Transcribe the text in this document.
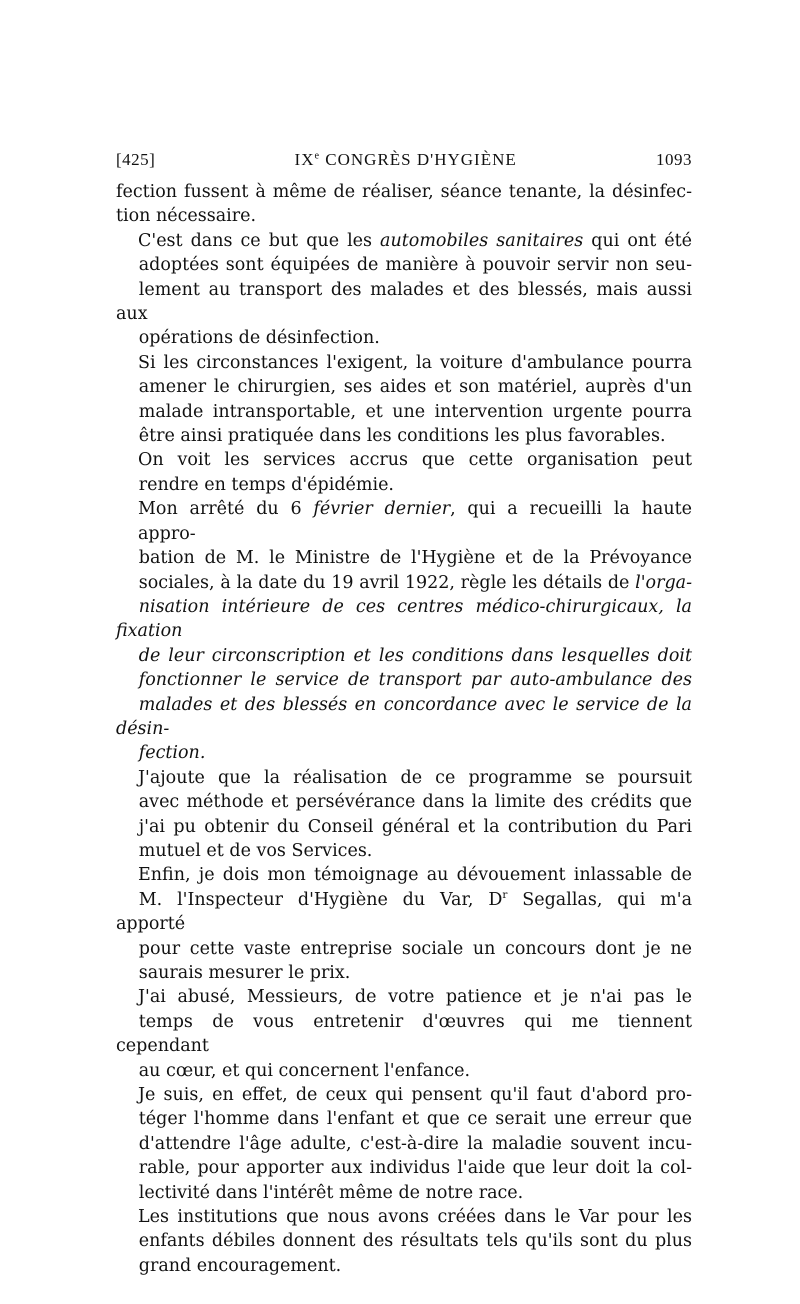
[425]	IXe CONGRÈS D'HYGIÈNE	1093
fection fussent à même de réaliser, séance tenante, la désinfec-
tion nécessaire.
C'est dans ce but que les automobiles sanitaires qui ont été
adoptées sont équipées de manière à pouvoir servir non seu-
lement au transport des malades et des blessés, mais aussi aux
opérations de désinfection.
Si les circonstances l'exigent, la voiture d'ambulance pourra
amener le chirurgien, ses aides et son matériel, auprès d'un
malade intransportable, et une intervention urgente pourra
être ainsi pratiquée dans les conditions les plus favorables.
On voit les services accrus que cette organisation peut
rendre en temps d'épidémie.
Mon arrêté du 6 février dernier, qui a recueilli la haute appro-
bation de M. le Ministre de l'Hygiène et de la Prévoyance
sociales, à la date du 19 avril 1922, règle les détails de l'orga-
nisation intérieure de ces centres médico-chirurgicaux, la fixation
de leur circonscription et les conditions dans lesquelles doit
fonctionner le service de transport par auto-ambulance des
malades et des blessés en concordance avec le service de la désin-
fection.
J'ajoute que la réalisation de ce programme se poursuit
avec méthode et persévérance dans la limite des crédits que
j'ai pu obtenir du Conseil général et la contribution du Pari
mutuel et de vos Services.
Enfin, je dois mon témoignage au dévouement inlassable de
M. l'Inspecteur d'Hygiène du Var, $D^r$ Segallas, qui m'a apporté
pour cette vaste entreprise sociale un concours dont je ne
saurais mesurer le prix.
J'ai abusé, Messieurs, de votre patience et je n'ai pas le
temps de vous entretenir d'œuvres qui me tiennent cependant
au cœur, et qui concernent l'enfance.
Je suis, en effet, de ceux qui pensent qu'il faut d'abord pro-
téger l'homme dans l'enfant et que ce serait une erreur que
d'attendre l'âge adulte, c'est-à-dire la maladie souvent incu-
rable, pour apporter aux individus l'aide que leur doit la col-
lectivité dans l'intérêt même de notre race.
Les institutions que nous avons créées dans le Var pour les
enfants débiles donnent des résultats tels qu'ils sont du plus
grand encouragement.
